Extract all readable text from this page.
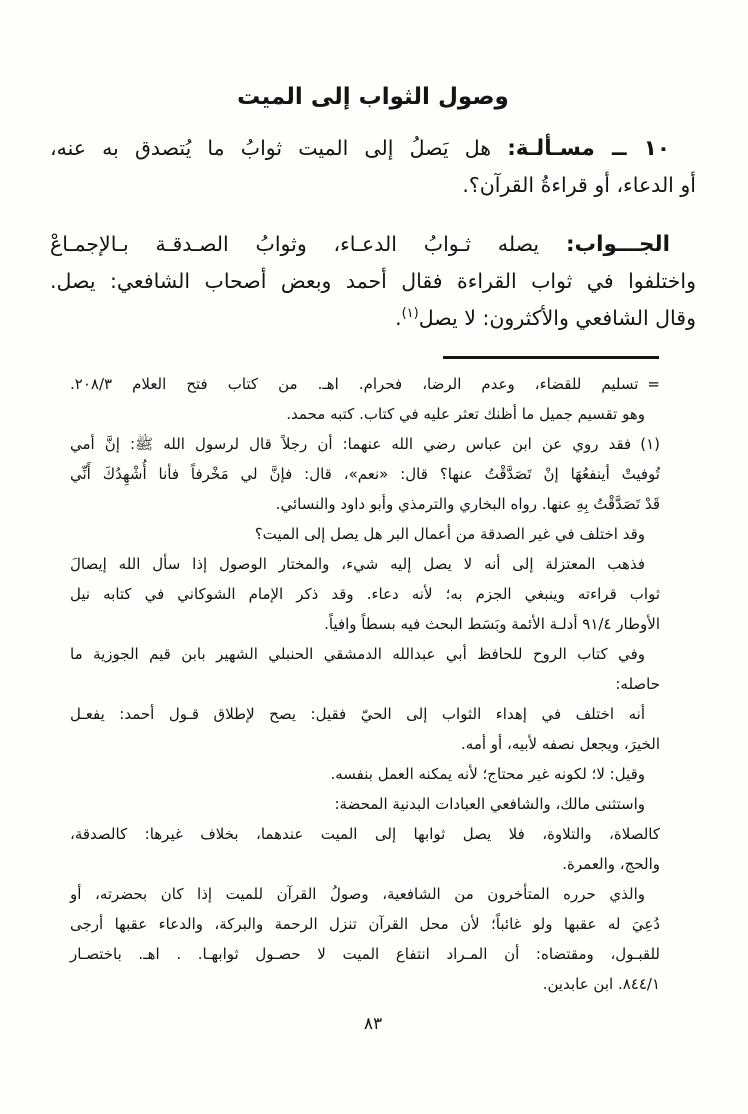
وصول الثواب إلى الميت
١٠ ــ مسـألـة: هل يَصلُ إلى الميت ثوابُ ما يُتصدق به عنه،
أو الدعاء، أو قراءةُ القرآن؟.
الجـــواب: يصله ثـوابُ الدعـاء، وثوابُ الصـدقـة بـالإجمـاعْ
واختلفوا في ثواب القراءة فقال أحمد وبعض أصحاب الشافعي: يصل.
وقال الشافعي والأكثرون: لا يصل$^{(١)}$.
=تسليم للقضاء، وعدم الرضا، فحرام. اهـ. من كتاب فتح العلام ٢٠٨/٣.
وهو تقسيم جميل ما أظنك تعثر عليه في كتاب. كتبه محمد.
(١)فقد روي عن ابن عباس رضي الله عنهما: أن رجلاً قال لرسول الله ﷺ: إنَّ أمي
تُوفيتْ أينفعُهَا إنْ تَصَدَّقْتُ عنها؟ قال: «نعم»، قال: فإنَّ لي مَخْرفاً فأنا أُشْهِدُكَ أَنِّي
قَدْ تَصَدَّقْتُ بِهِ عنها. رواه البخاري والترمذي وأبو داود والنسائي.
وقد اختلف في غير الصدقة من أعمال البر هل يصل إلى الميت؟
فذهب المعتزلة إلى أنه لا يصل إليه شيء، والمختار الوصول إذا سأل الله إيصالَ
ثواب قراءته وينبغي الجزم به؛ لأنه دعاء. وقد ذكر الإمام الشوكاني في كتابه نيل
الأوطار ٩١/٤ أدلـة الأئمة وبَسَط البحث فيه بسطاً وافياً.
وفي كتاب الروح للحافظ أبي عبدالله الدمشقي الحنبلي الشهير بابن قيم الجوزية ما
حاصله:
أنه اختلف في إهداء الثواب إلى الحيّ فقيل: يصح لإطلاق قـول أحمد: يفعـل
الخيرَ، ويجعل نصفه لأبيه، أو أمه.
وقيل: لا؛ لكونه غير محتاج؛ لأنه يمكنه العمل بنفسه.
واستثنى مالك، والشافعي العبادات البدنية المحضة:
كالصلاة، والتلاوة، فلا يصل ثوابها إلى الميت عندهما، بخلاف غيرها: كالصدقة،
والحج، والعمرة.
والذي حرره المتأخرون من الشافعية، وصولُ القرآن للميت إذا كان بحضرته، أو
دُعِيَ له عقبها ولو غائباً؛ لأن محل القرآن تنزل الرحمة والبركة، والدعاء عقبها أرجى
للقبـول، ومقتضاه: أن المـراد انتفاع الميت لا حصـول ثوابهـا. . اهـ. باختصـار
٨٤٤/١. ابن عابدين.
٨٣
